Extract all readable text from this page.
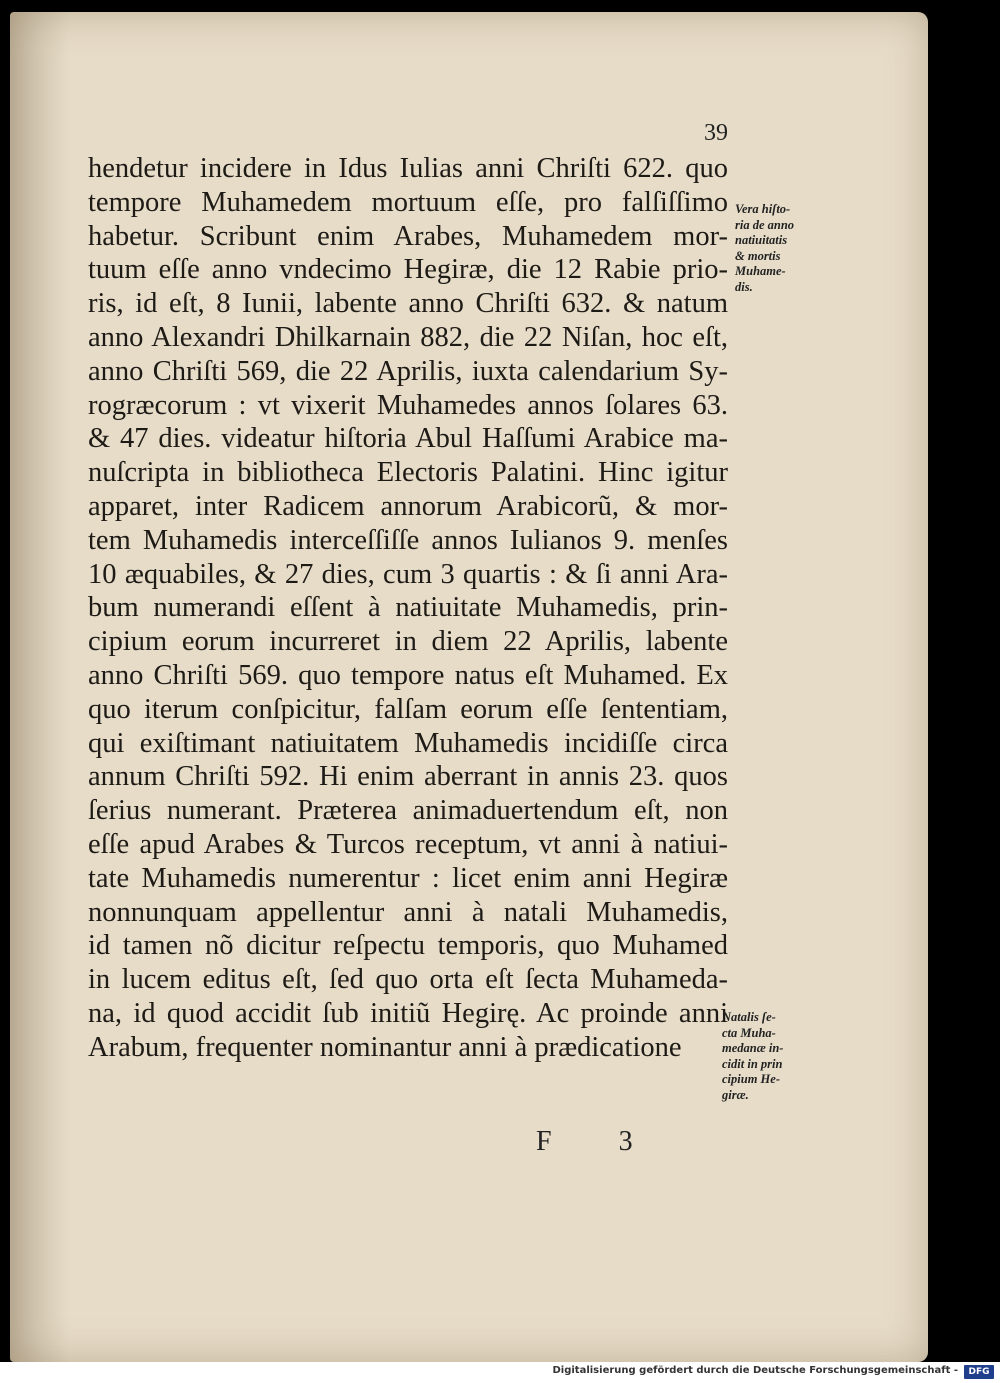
39
hendetur incidere in Idus Iulias anni Chriſti 622. quo
tempore Muhamedem mortuum eſſe, pro falſiſſimo
habetur. Scribunt enim Arabes, Muhamedem mor-
tuum eſſe anno vndecimo Hegiræ, die 12 Rabie prio-
ris, id eſt, 8 Iunii, labente anno Chriſti 632. & natum
anno Alexandri Dhilkarnain 882, die 22 Niſan, hoc eſt,
anno Chriſti 569, die 22 Aprilis, iuxta calendarium Sy-
rogræcorum : vt vixerit Muhamedes annos ſolares 63.
& 47 dies. videatur hiſtoria Abul Haſſumi Arabice ma-
nuſcripta in bibliotheca Electoris Palatini. Hinc igitur
apparet, inter Radicem annorum Arabicorũ, & mor-
tem Muhamedis interceſſiſſe annos Iulianos 9. menſes
10 æquabiles, & 27 dies, cum 3 quartis : & ſi anni Ara-
bum numerandi eſſent à natiuitate Muhamedis, prin-
cipium eorum incurreret in diem 22 Aprilis, labente
anno Chriſti 569. quo tempore natus eſt Muhamed. Ex
quo iterum conſpicitur, falſam eorum eſſe ſententiam,
qui exiſtimant natiuitatem Muhamedis incidiſſe circa
annum Chriſti 592. Hi enim aberrant in annis 23. quos
ſerius numerant. Præterea animaduertendum eſt, non
eſſe apud Arabes & Turcos receptum, vt anni à natiui-
tate Muhamedis numerentur : licet enim anni Hegiræ
nonnunquam appellentur anni à natali Muhamedis,
id tamen nõ dicitur reſpectu temporis, quo Muhamed
in lucem editus eſt, ſed quo orta eſt ſecta Muhameda-
na, id quod accidit ſub initiũ Hegirę. Ac proinde anni
Arabum, frequenter nominantur anni à prædicatione
Vera hiſto-
ria de anno
natiuitatis
& mortis
Muhame-
dis.
Natalis ſe-
cta Muha-
medanæ in-
cidit in prin
cipium He-
giræ.
F 3
Digitalisierung gefördert durch die Deutsche Forschungsgemeinschaft -	DFG
